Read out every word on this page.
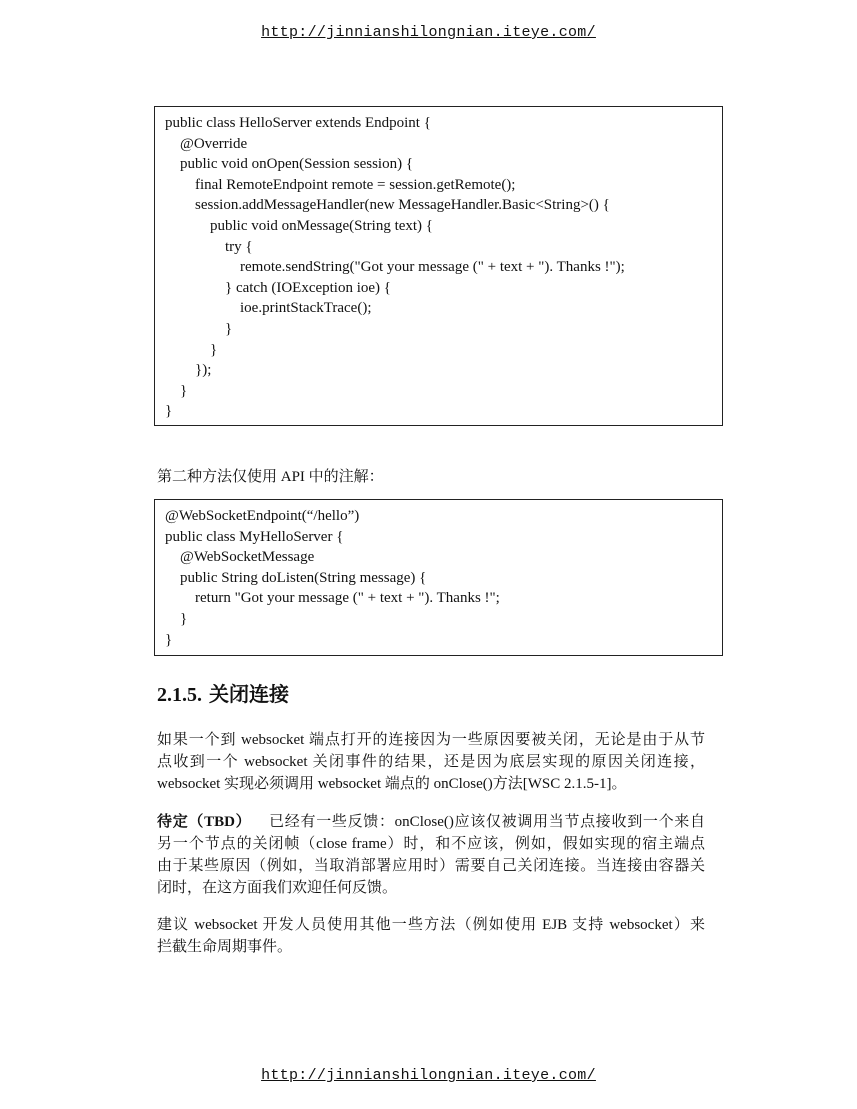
http://jinnianshilongnian.iteye.com/
public class HelloServer extends Endpoint {
@Override
public void onOpen(Session session) {
final RemoteEndpoint remote = session.getRemote();
session.addMessageHandler(new MessageHandler.Basic<String>() {
public void onMessage(String text) {
try {
remote.sendString("Got your message (" + text + "). Thanks !");
} catch (IOException ioe) {
ioe.printStackTrace();
}
}
});
}
}
第二种方法仅使用 API 中的注解：
@WebSocketEndpoint(“/hello”)
public class MyHelloServer {
@WebSocketMessage
public String doListen(String message) {
return "Got your message (" + text + "). Thanks !";
}
}
2.1.5. 关闭连接
如果一个到 websocket 端点打开的连接因为一些原因要被关闭，无论是由于从节
点收到一个 websocket 关闭事件的结果，还是因为底层实现的原因关闭连接，
websocket 实现必须调用 websocket 端点的 onClose()方法[WSC 2.1.5-1]。
待定（TBD）    已经有一些反馈：onClose()应该仅被调用当节点接收到一个来自
另一个节点的关闭帧（close frame）时，和不应该，例如，假如实现的宿主端点
由于某些原因（例如，当取消部署应用时）需要自己关闭连接。当连接由容器关
闭时，在这方面我们欢迎任何反馈。
建议 websocket 开发人员使用其他一些方法（例如使用 EJB 支持 websocket）来
拦截生命周期事件。
http://jinnianshilongnian.iteye.com/
